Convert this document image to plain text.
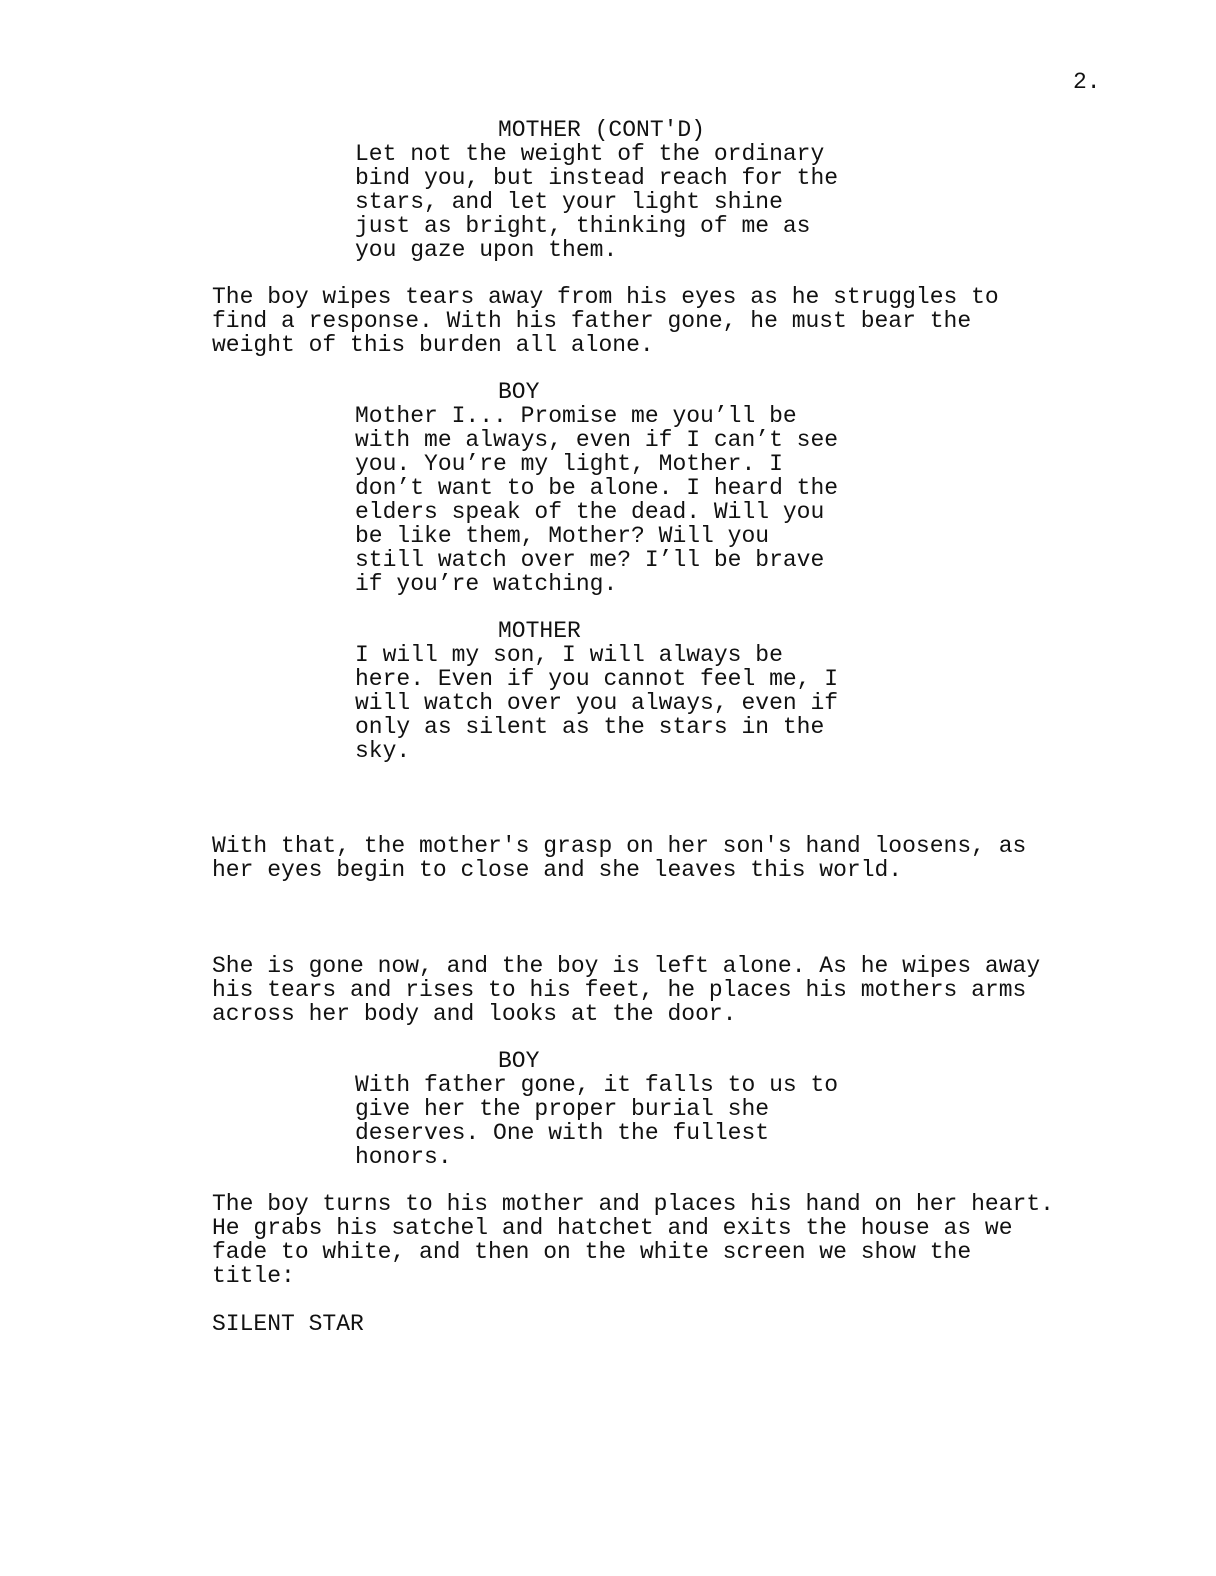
2.
MOTHER (CONT'D)
Let not the weight of the ordinary
bind you, but instead reach for the
stars, and let your light shine
just as bright, thinking of me as
you gaze upon them.
The boy wipes tears away from his eyes as he struggles to
find a response. With his father gone, he must bear the
weight of this burden all alone.
BOY
Mother I... Promise me you’ll be
with me always, even if I can’t see
you. You’re my light, Mother. I
don’t want to be alone. I heard the
elders speak of the dead. Will you
be like them, Mother? Will you
still watch over me? I’ll be brave
if you’re watching.
MOTHER
I will my son, I will always be
here. Even if you cannot feel me, I
will watch over you always, even if
only as silent as the stars in the
sky.
With that, the mother's grasp on her son's hand loosens, as
her eyes begin to close and she leaves this world.
She is gone now, and the boy is left alone. As he wipes away
his tears and rises to his feet, he places his mothers arms
across her body and looks at the door.
BOY
With father gone, it falls to us to
give her the proper burial she
deserves. One with the fullest
honors.
The boy turns to his mother and places his hand on her heart.
He grabs his satchel and hatchet and exits the house as we
fade to white, and then on the white screen we show the
title:
SILENT STAR
